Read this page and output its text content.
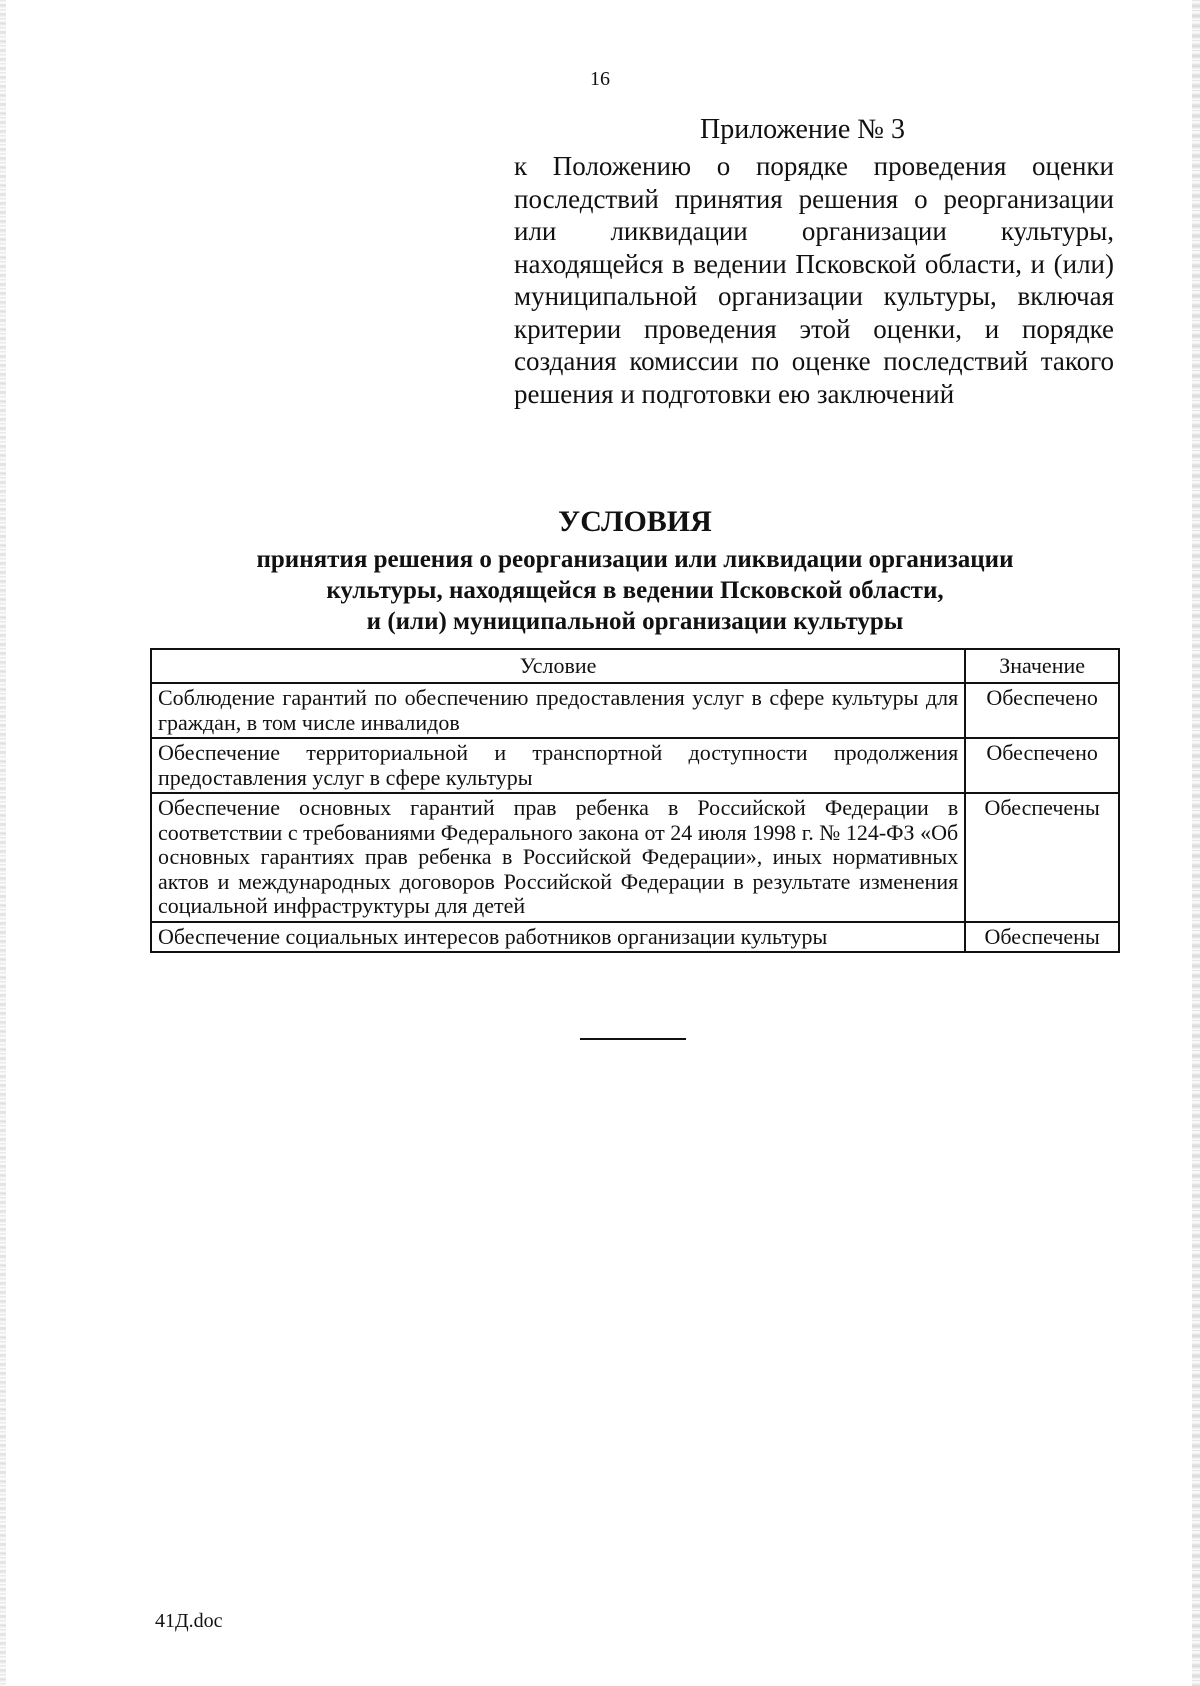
16
Приложение № 3
к Положению о порядке проведения оценки последствий принятия решения о реорганизации или ликвидации организации культуры, находящейся в ведении Псковской области, и (или) муниципальной организации культуры, включая критерии проведения этой оценки, и порядке создания комиссии по оценке последствий такого решения и подготовки ею заключений
УСЛОВИЯ
принятия решения о реорганизации или ликвидации организации
культуры, находящейся в ведении Псковской области,
и (или) муниципальной организации культуры
Условие	Значение
Соблюдение гарантий по обеспечению предоставления услуг в сфере культуры для граждан, в том числе инвалидов	Обеспечено
Обеспечение территориальной и транспортной доступности продолжения предоставления услуг в сфере культуры	Обеспечено
Обеспечение основных гарантий прав ребенка в Российской Федерации в соответствии с требованиями Федерального закона от 24 июля 1998 г. № 124-ФЗ «Об основных гарантиях прав ребенка в Российской Федерации», иных нормативных актов и международных договоров Российской Федерации в результате изменения социальной инфраструктуры для детей	Обеспечены
Обеспечение социальных интересов работников организации культуры	Обеспечены
41Д.doc
